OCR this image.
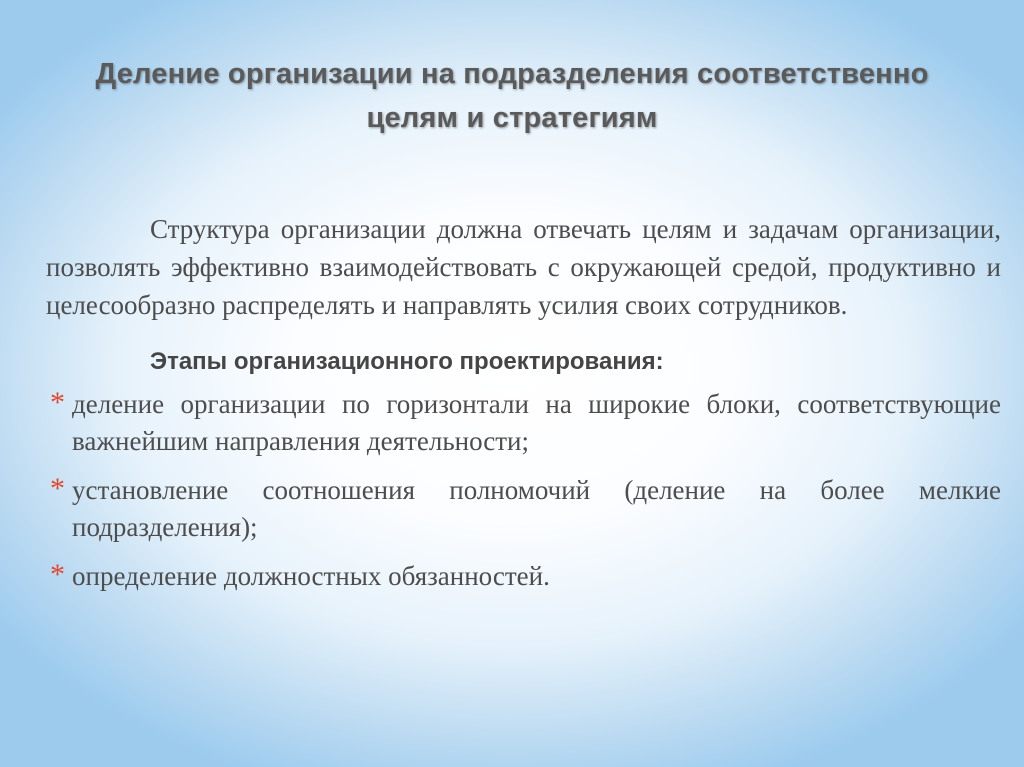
Деление организации на подразделения соответственно
целям и стратегиям

Структура организации должна отвечать целям и задачам организации, позволять эффективно взаимодействовать с окружающей средой, продуктивно и целесообразно распределять и направлять усилия своих сотрудников.

Этапы организационного проектирования:
* деление организации по горизонтали на широкие блоки, соответствующие важнейшим направления деятельности;
* установление соотношения полномочий (деление на более мелкие подразделения);
* определение должностных обязанностей.
